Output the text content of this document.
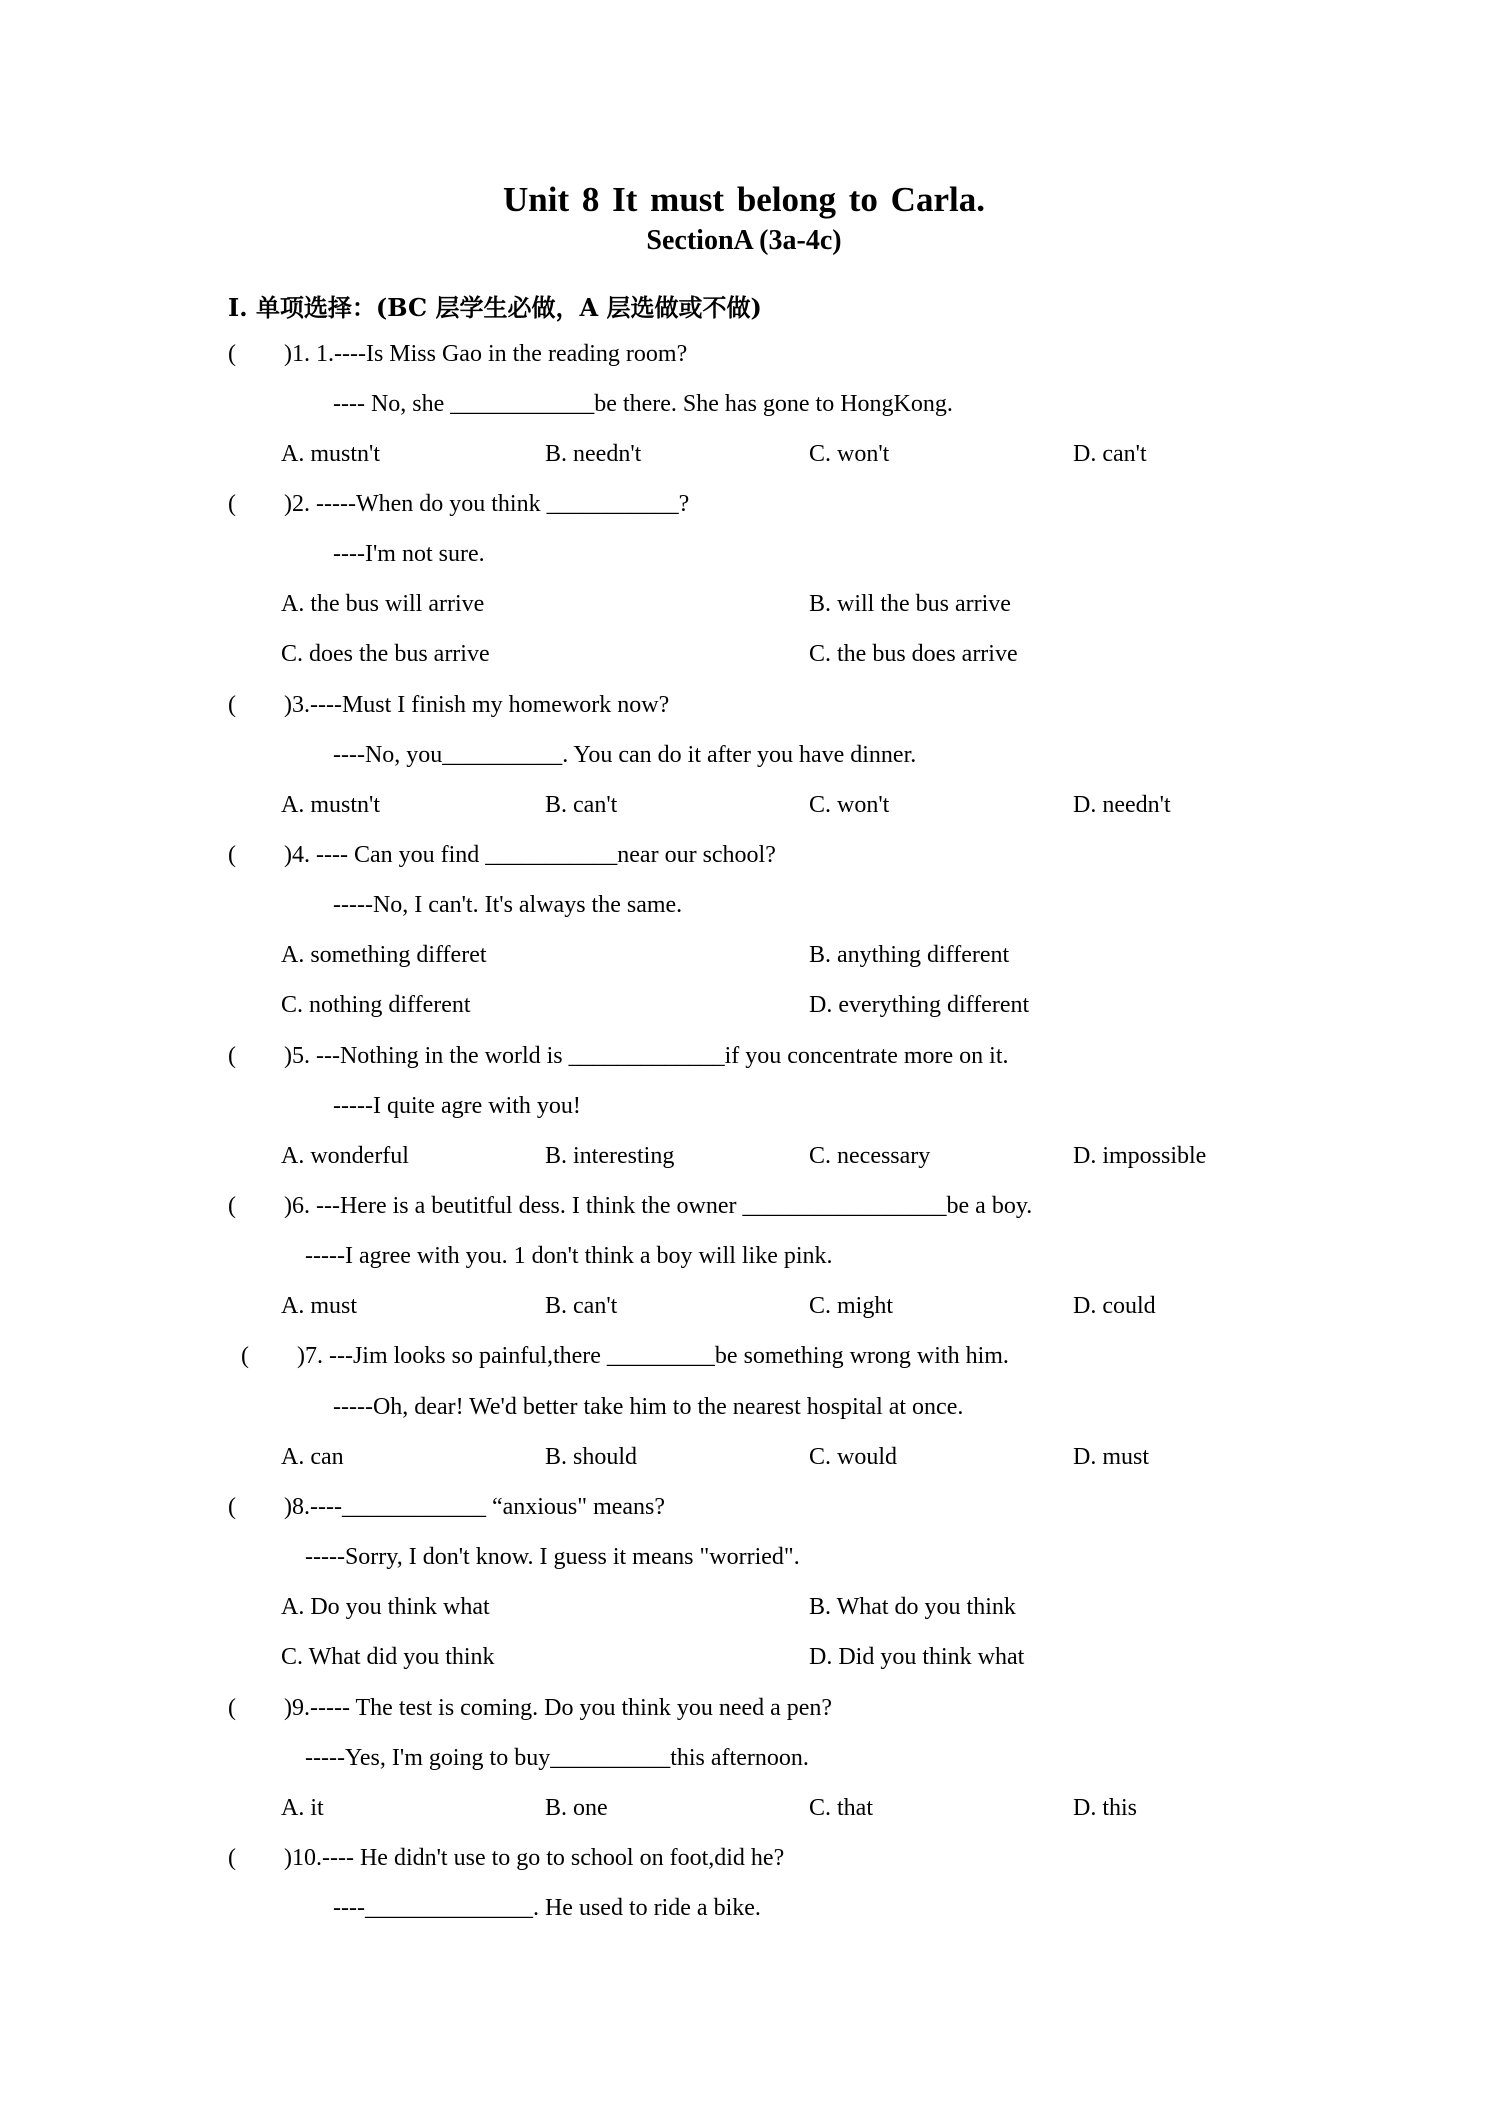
Unit 8 It must belong to Carla.
SectionA (3a-4c)
I. 单项选择：(BC 层学生必做，A 层选做或不做)
(        )1. 1.----Is Miss Gao in the reading room?
---- No, she ____________be there. She has gone to HongKong.
A. mustn't	B. needn't	C. won't	D. can't
(        )2. -----When do you think ___________?
----I'm not sure.
A. the bus will arrive	B. will the bus arrive
C. does the bus arrive	C. the bus does arrive
(        )3.----Must I finish my homework now?
----No, you__________. You can do it after you have dinner.
A. mustn't	B. can't	C. won't	D. needn't
(        )4. ---- Can you find ___________near our school?
-----No, I can't. It's always the same.
A. something differet	B. anything different
C. nothing different	D. everything different
(        )5. ---Nothing in the world is _____________if you concentrate more on it.
-----I quite agre with you!
A. wonderful	B. interesting	C. necessary	D. impossible
(        )6. ---Here is a beutitful dess. I think the owner _________________be a boy.
-----I agree with you. 1 don't think a boy will like pink.
A. must	B. can't	C. might	D. could
(        )7. ---Jim looks so painful,there _________be something wrong with him.
-----Oh, dear! We'd better take him to the nearest hospital at once.
A. can	B. should	C. would	D. must
(        )8.----____________ “anxious" means?
-----Sorry, I don't know. I guess it means "worried".
A. Do you think what	B. What do you think
C. What did you think	D. Did you think what
(        )9.----- The test is coming. Do you think you need a pen?
-----Yes, I'm going to buy__________this afternoon.
A. it	B. one	C. that	D. this
(        )10.---- He didn't use to go to school on foot,did he?
----______________. He used to ride a bike.
